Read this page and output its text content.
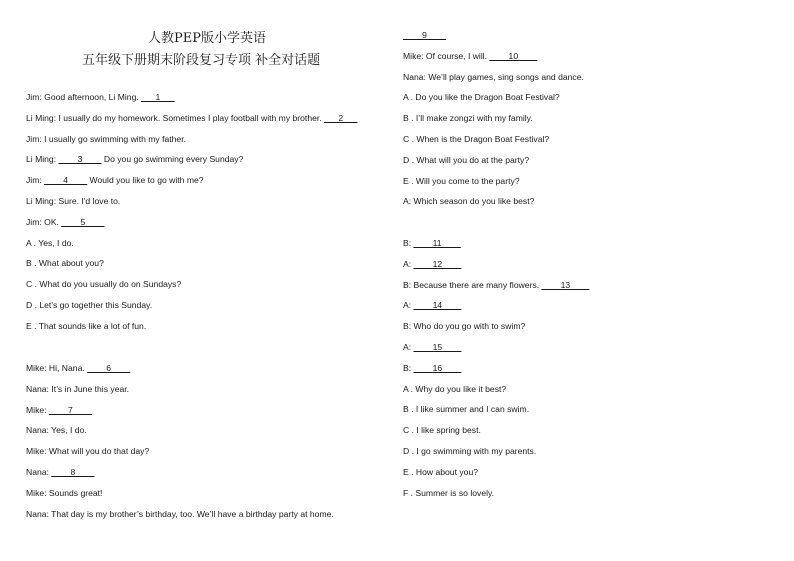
人教PEP版小学英语
五年级下册期末阶段复习专项 补全对话题
Jim: Good afternoon, Li Ming. ___1___
Li Ming: I usually do my homework. Sometimes I play football with my brother. ___2___
Jim: I usually go swimming with my father.
Li Ming: ____3____ Do you go swimming every Sunday?
Jim: ____4____ Would you like to go with me?
Li Ming: Sure. I'd love to.
Jim: OK. ____5____
A . Yes, I do.
B . What about you?
C . What do you usually do on Sundays?
D . Let's go together this Sunday.
E . That sounds like a lot of fun.
Mike: Hi, Nana. ____6____
Nana: It’s in June this year.
Mike: ____7____
Nana: Yes, I do.
Mike: What will you do that day?
Nana: ____8____
Mike: Sounds great!
Nana: That day is my brother’s birthday, too. We’ll have a birthday party at home.
____9____
Mike: Of course, I will. ____10____
Nana: We’ll play games, sing songs and dance.
A . Do you like the Dragon Boat Festival?
B . I’ll make zongzi with my family.
C . When is the Dragon Boat Festival?
D . What will you do at the party?
E . Will you come to the party?
A: Which season do you like best?
B: ____11____
A: ____12____
B: Because there are many flowers. ____13____
A: ____14____
B: Who do you go with to swim?
A: ____15____
B: ____16____
A . Why do you like it best?
B . I like summer and I can swim.
C . I like spring best.
D . I go swimming with my parents.
E . How about you?
F . Summer is so lovely.
